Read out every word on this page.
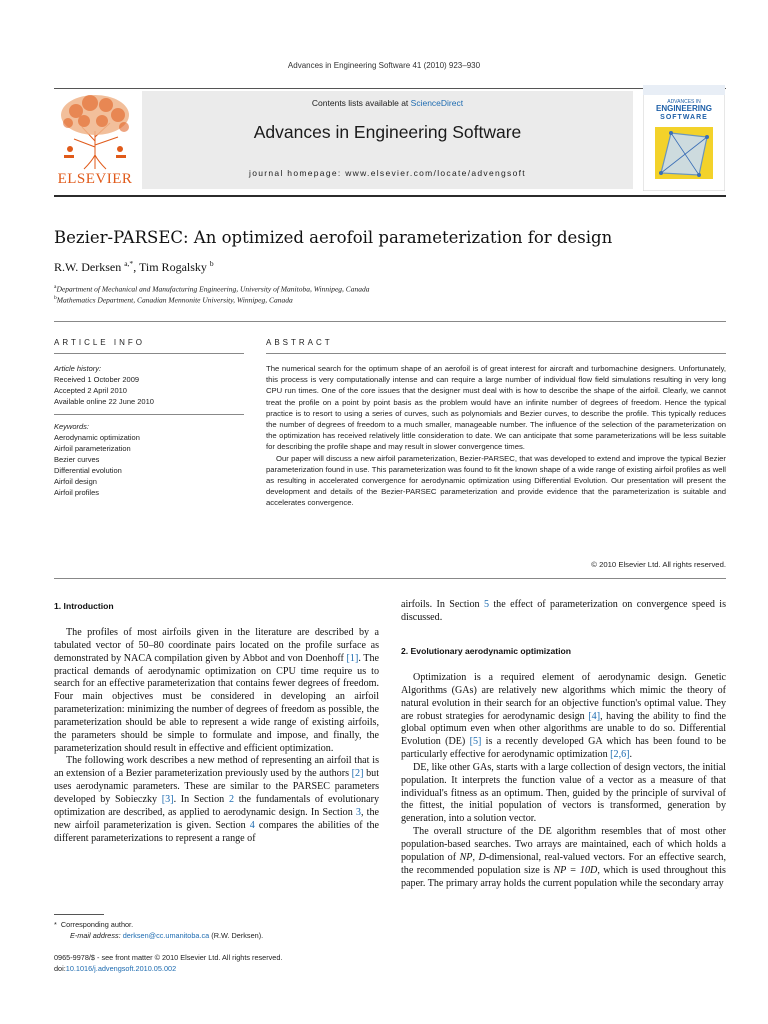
Advances in Engineering Software 41 (2010) 923–930
ELSEVIER
Contents lists available at ScienceDirect
Advances in Engineering Software
journal homepage: www.elsevier.com/locate/advengsoft
ADVANCES IN
ENGINEERING
SOFTWARE
Bezier-PARSEC: An optimized aerofoil parameterization for design
R.W. Derksen $^{a,*}$, Tim Rogalsky $^b$
$^a$Department of Mechanical and Manufacturing Engineering, University of Manitoba, Winnipeg, Canada
$^b$Mathematics Department, Canadian Mennonite University, Winnipeg, Canada
ARTICLE INFO
Article history:
Received 1 October 2009
Accepted 2 April 2010
Available online 22 June 2010
Keywords:
Aerodynamic optimization
Airfoil parameterization
Bezier curves
Differential evolution
Airfoil design
Airfoil profiles
ABSTRACT

The numerical search for the optimum shape of an aerofoil is of great interest for aircraft and turbomachine designers. Unfortunately, this process is very computationally intense and can require a large number of individual flow field simulations resulting in very long CPU run times. One of the core issues that the designer must deal with is how to describe the shape of the airfoil. Clearly, we cannot treat the profile on a point by point basis as the problem would have an infinite number of degrees of freedom. Hence the typical practice is to resort to using a series of curves, such as polynomials and Bezier curves, to describe the profile. This typically reduces the number of degrees of freedom to a much smaller, manageable number. The influence of the selection of the parameterization on the optimization has received relatively little consideration to date. We can anticipate that some parameterizations will be less suitable for describing the profile shape and may result in slower convergence times.

Our paper will discuss a new airfoil parameterization, Bezier-PARSEC, that was developed to extend and improve the typical Bezier parameterization found in use. This parameterization was found to fit the known shape of a wide range of existing airfoil profiles as well as resulting in accelerated convergence for aerodynamic optimization using Differential Evolution. Our presentation will present the development and details of the Bezier-PARSEC parameterization and provide evidence that the parameterization is suitable and accelerates convergence.

© 2010 Elsevier Ltd. All rights reserved.
1. Introduction

The profiles of most airfoils given in the literature are described by a tabulated vector of 50–80 coordinate pairs located on the profile surface as demonstrated by NACA compilation given by Abbot and von Doenhoff [1]. The practical demands of aerodynamic optimization on CPU time require us to search for an effective parameterization that contains fewer degrees of freedom. Four main objectives must be considered in developing an airfoil parameterization: minimizing the number of degrees of freedom as possible, the parameterization should be able to represent a wide range of existing airfoils, the parameters should be simple to formulate and impose, and finally, the parameterization should result in effective and efficient optimization.

The following work describes a new method of representing an airfoil that is an extension of a Bezier parameterization previously used by the authors [2] but uses aerodynamic parameters. These are similar to the PARSEC parameters developed by Sobieczky [3]. In Section 2 the fundamentals of evolutionary optimization are described, as applied to aerodynamic design. In Section 3, the new airfoil parameterization is given. Section 4 compares the abilities of the different parameterizations to represent a range of

airfoils. In Section 5 the effect of parameterization on convergence speed is discussed.

2. Evolutionary aerodynamic optimization

Optimization is a required element of aerodynamic design. Genetic Algorithms (GAs) are relatively new algorithms which mimic the theory of natural evolution in their search for an objective function's optimal value. They are robust strategies for aerodynamic design [4], having the ability to find the global optimum even when other algorithms are unable to do so. Differential Evolution (DE) [5] is a recently developed GA which has been found to be particularly effective for aerodynamic optimization [2,6].

DE, like other GAs, starts with a large collection of design vectors, the initial population. It interprets the function value of a vector as a measure of that individual's fitness as an optimum. Then, guided by the principle of survival of the fittest, the initial population of vectors is transformed, generation by generation, into a solution vector.

The overall structure of the DE algorithm resembles that of most other population-based searches. Two arrays are maintained, each of which holds a population of NP, D-dimensional, real-valued vectors. For an effective search, the recommended population size is NP = 10D, which is used throughout this paper. The primary array holds the current population while the secondary array

* Corresponding author.
E-mail address: derksen@cc.umanitoba.ca (R.W. Derksen).
0965-9978/$ - see front matter © 2010 Elsevier Ltd. All rights reserved.
doi:10.1016/j.advengsoft.2010.05.002
